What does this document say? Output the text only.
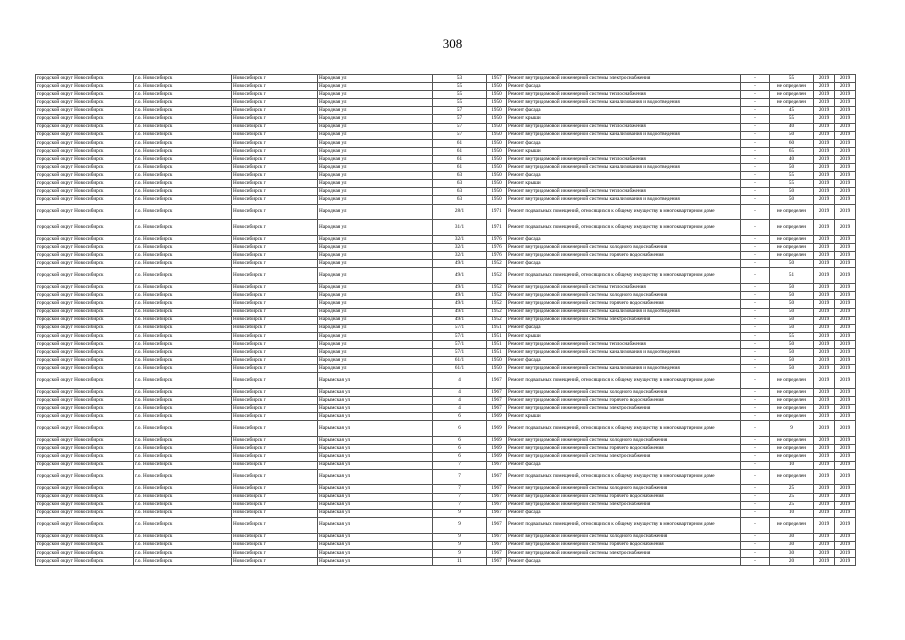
308
городской округ Новосибирск	г.о. Новосибирск	Новосибирск г	Народная ул	53	1957	Ремонт внутридомовой инженерной системы электроснабжения	-	55	2019	2019
городской округ Новосибирск	г.о. Новосибирск	Новосибирск г	Народная ул	55	1950	Ремонт фасада	-	не определен	2019	2019
городской округ Новосибирск	г.о. Новосибирск	Новосибирск г	Народная ул	55	1950	Ремонт внутридомовой инженерной системы теплоснабжения	-	не определен	2019	2019
городской округ Новосибирск	г.о. Новосибирск	Новосибирск г	Народная ул	55	1950	Ремонт внутридомовой инженерной системы канализования и водоотведения	-	не определен	2019	2019
городской округ Новосибирск	г.о. Новосибирск	Новосибирск г	Народная ул	57	1950	Ремонт фасада	-	45	2019	2019
городской округ Новосибирск	г.о. Новосибирск	Новосибирск г	Народная ул	57	1950	Ремонт крыши	-	55	2019	2019
городской округ Новосибирск	г.о. Новосибирск	Новосибирск г	Народная ул	57	1950	Ремонт внутридомовой инженерной системы теплоснабжения	-	40	2019	2019
городской округ Новосибирск	г.о. Новосибирск	Новосибирск г	Народная ул	57	1950	Ремонт внутридомовой инженерной системы канализования и водоотведения	-	50	2019	2019
городской округ Новосибирск	г.о. Новосибирск	Новосибирск г	Народная ул	61	1950	Ремонт фасада	-	60	2019	2019
городской округ Новосибирск	г.о. Новосибирск	Новосибирск г	Народная ул	61	1950	Ремонт крыши	-	65	2019	2019
городской округ Новосибирск	г.о. Новосибирск	Новосибирск г	Народная ул	61	1950	Ремонт внутридомовой инженерной системы теплоснабжения	-	40	2019	2019
городской округ Новосибирск	г.о. Новосибирск	Новосибирск г	Народная ул	61	1950	Ремонт внутридомовой инженерной системы канализования и водоотведения	-	50	2019	2019
городской округ Новосибирск	г.о. Новосибирск	Новосибирск г	Народная ул	63	1950	Ремонт фасада	-	55	2019	2019
городской округ Новосибирск	г.о. Новосибирск	Новосибирск г	Народная ул	63	1950	Ремонт крыши	-	55	2019	2019
городской округ Новосибирск	г.о. Новосибирск	Новосибирск г	Народная ул	63	1950	Ремонт внутридомовой инженерной системы теплоснабжения	-	50	2019	2019
городской округ Новосибирск	г.о. Новосибирск	Новосибирск г	Народная ул	63	1950	Ремонт внутридомовой инженерной системы канализования и водоотведения	-	50	2019	2019
городской округ Новосибирск	г.о. Новосибирск	Новосибирск г	Народная ул	28/1	1971	Ремонт подвальных помещений, относящихся к общему имуществу в многоквартирном доме	-	не определен	2019	2019
городской округ Новосибирск	г.о. Новосибирск	Новосибирск г	Народная ул	31/1	1971	Ремонт подвальных помещений, относящихся к общему имуществу в многоквартирном доме	-	не определен	2019	2019
городской округ Новосибирск	г.о. Новосибирск	Новосибирск г	Народная ул	32/1	1976	Ремонт фасада	-	не определен	2019	2019
городской округ Новосибирск	г.о. Новосибирск	Новосибирск г	Народная ул	32/1	1976	Ремонт внутридомовой инженерной системы холодного водоснабжения	-	не определен	2019	2019
городской округ Новосибирск	г.о. Новосибирск	Новосибирск г	Народная ул	32/1	1976	Ремонт внутридомовой инженерной системы горячего водоснабжения	-	не определен	2019	2019
городской округ Новосибирск	г.о. Новосибирск	Новосибирск г	Народная ул	49/1	1952	Ремонт фасада	-	50	2019	2019
городской округ Новосибирск	г.о. Новосибирск	Новосибирск г	Народная ул	49/1	1952	Ремонт подвальных помещений, относящихся к общему имуществу в многоквартирном доме	-	51	2019	2019
городской округ Новосибирск	г.о. Новосибирск	Новосибирск г	Народная ул	49/1	1952	Ремонт внутридомовой инженерной системы теплоснабжения	-	50	2019	2019
городской округ Новосибирск	г.о. Новосибирск	Новосибирск г	Народная ул	49/1	1952	Ремонт внутридомовой инженерной системы холодного водоснабжения	-	50	2019	2019
городской округ Новосибирск	г.о. Новосибирск	Новосибирск г	Народная ул	49/1	1952	Ремонт внутридомовой инженерной системы горячего водоснабжения	-	50	2019	2019
городской округ Новосибирск	г.о. Новосибирск	Новосибирск г	Народная ул	49/1	1952	Ремонт внутридомовой инженерной системы канализования и водоотведения	-	50	2019	2019
городской округ Новосибирск	г.о. Новосибирск	Новосибирск г	Народная ул	49/1	1952	Ремонт внутридомовой инженерной системы электроснабжения	-	50	2019	2019
городской округ Новосибирск	г.о. Новосибирск	Новосибирск г	Народная ул	57/1	1951	Ремонт фасада	-	50	2019	2019
городской округ Новосибирск	г.о. Новосибирск	Новосибирск г	Народная ул	57/1	1951	Ремонт крыши	-	55	2019	2019
городской округ Новосибирск	г.о. Новосибирск	Новосибирск г	Народная ул	57/1	1951	Ремонт внутридомовой инженерной системы теплоснабжения	-	50	2019	2019
городской округ Новосибирск	г.о. Новосибирск	Новосибирск г	Народная ул	57/1	1951	Ремонт внутридомовой инженерной системы канализования и водоотведения	-	50	2019	2019
городской округ Новосибирск	г.о. Новосибирск	Новосибирск г	Народная ул	61/1	1950	Ремонт фасада	-	50	2019	2019
городской округ Новосибирск	г.о. Новосибирск	Новосибирск г	Народная ул	61/1	1950	Ремонт внутридомовой инженерной системы канализования и водоотведения	-	50	2019	2019
городской округ Новосибирск	г.о. Новосибирск	Новосибирск г	Нарымская ул	4	1967	Ремонт подвальных помещений, относящихся к общему имуществу в многоквартирном доме	-	не определен	2019	2019
городской округ Новосибирск	г.о. Новосибирск	Новосибирск г	Нарымская ул	4	1967	Ремонт внутридомовой инженерной системы холодного водоснабжения	-	не определен	2019	2019
городской округ Новосибирск	г.о. Новосибирск	Новосибирск г	Нарымская ул	4	1967	Ремонт внутридомовой инженерной системы горячего водоснабжения	-	не определен	2019	2019
городской округ Новосибирск	г.о. Новосибирск	Новосибирск г	Нарымская ул	4	1967	Ремонт внутридомовой инженерной системы электроснабжения	-	не определен	2019	2019
городской округ Новосибирск	г.о. Новосибирск	Новосибирск г	Нарымская ул	6	1969	Ремонт крыши	-	не определен	2019	2019
городской округ Новосибирск	г.о. Новосибирск	Новосибирск г	Нарымская ул	6	1969	Ремонт подвальных помещений, относящихся к общему имуществу в многоквартирном доме	-	9	2019	2019
городской округ Новосибирск	г.о. Новосибирск	Новосибирск г	Нарымская ул	6	1969	Ремонт внутридомовой инженерной системы холодного водоснабжения	-	не определен	2019	2019
городской округ Новосибирск	г.о. Новосибирск	Новосибирск г	Нарымская ул	6	1969	Ремонт внутридомовой инженерной системы горячего водоснабжения	-	не определен	2019	2019
городской округ Новосибирск	г.о. Новосибирск	Новосибирск г	Нарымская ул	6	1969	Ремонт внутридомовой инженерной системы электроснабжения	-	не определен	2019	2019
городской округ Новосибирск	г.о. Новосибирск	Новосибирск г	Нарымская ул	7	1967	Ремонт фасада	-	10	2019	2019
городской округ Новосибирск	г.о. Новосибирск	Новосибирск г	Нарымская ул	7	1967	Ремонт подвальных помещений, относящихся к общему имуществу в многоквартирном доме	-	не определен	2019	2019
городской округ Новосибирск	г.о. Новосибирск	Новосибирск г	Нарымская ул	7	1967	Ремонт внутридомовой инженерной системы холодного водоснабжения	-	25	2019	2019
городской округ Новосибирск	г.о. Новосибирск	Новосибирск г	Нарымская ул	7	1967	Ремонт внутридомовой инженерной системы горячего водоснабжения	-	25	2019	2019
городской округ Новосибирск	г.о. Новосибирск	Новосибирск г	Нарымская ул	7	1967	Ремонт внутридомовой инженерной системы электроснабжения	-	25	2019	2019
городской округ Новосибирск	г.о. Новосибирск	Новосибирск г	Нарымская ул	9	1967	Ремонт фасада	-	10	2019	2019
городской округ Новосибирск	г.о. Новосибирск	Новосибирск г	Нарымская ул	9	1967	Ремонт подвальных помещений, относящихся к общему имуществу в многоквартирном доме	-	не определен	2019	2019
городской округ Новосибирск	г.о. Новосибирск	Новосибирск г	Нарымская ул	9	1967	Ремонт внутридомовой инженерной системы холодного водоснабжения	-	30	2019	2019
городской округ Новосибирск	г.о. Новосибирск	Новосибирск г	Нарымская ул	9	1967	Ремонт внутридомовой инженерной системы горячего водоснабжения	-	30	2019	2019
городской округ Новосибирск	г.о. Новосибирск	Новосибирск г	Нарымская ул	9	1967	Ремонт внутридомовой инженерной системы электроснабжения	-	30	2019	2019
городской округ Новосибирск	г.о. Новосибирск	Новосибирск г	Нарымская ул	11	1967	Ремонт фасада	-	20	2019	2019
